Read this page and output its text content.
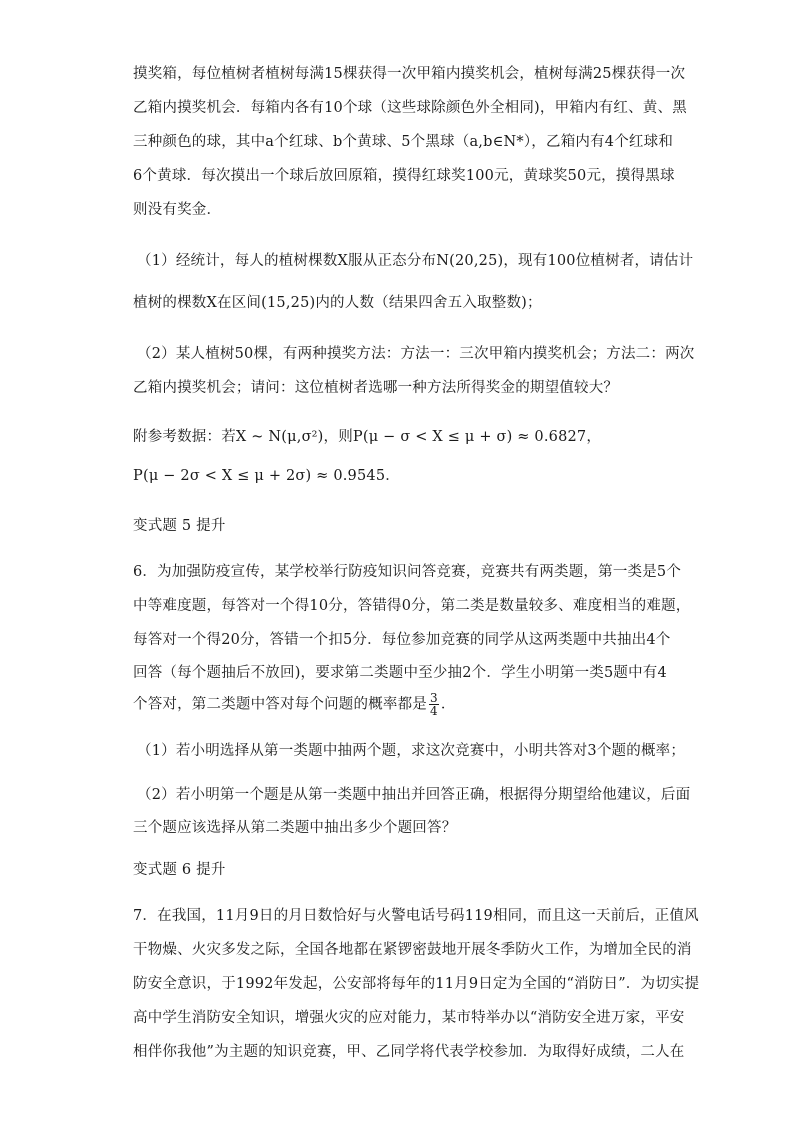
摸奖箱，每位植树者植树每满15棵获得一次甲箱内摸奖机会，植树每满25棵获得一次
乙箱内摸奖机会．每箱内各有10个球（这些球除颜色外全相同)，甲箱内有红、黄、黑
三种颜色的球，其中a个红球、b个黄球、5个黑球（a,b∈N*），乙箱内有4个红球和
6个黄球．每次摸出一个球后放回原箱，摸得红球奖100元，黄球奖50元，摸得黑球
则没有奖金．
（1）经统计，每人的植树棵数X服从正态分布N(20,25)，现有100位植树者，请估计
植树的棵数X在区间(15,25)内的人数（结果四舍五入取整数)；
（2）某人植树50棵，有两种摸奖方法：方法一：三次甲箱内摸奖机会；方法二：两次
乙箱内摸奖机会；请问：这位植树者选哪一种方法所得奖金的期望值较大？
附参考数据：若X ~ N(μ,σ²)，则P(μ − σ < X ≤ μ + σ) ≈ 0.6827，
P(μ − 2σ < X ≤ μ + 2σ) ≈ 0.9545．
变式题 5 提升
6．为加强防疫宣传，某学校举行防疫知识问答竞赛，竞赛共有两类题，第一类是5个
中等难度题，每答对一个得10分，答错得0分，第二类是数量较多、难度相当的难题，
每答对一个得20分，答错一个扣5分．每位参加竞赛的同学从这两类题中共抽出4个
回答（每个题抽后不放回)，要求第二类题中至少抽2个．学生小明第一类5题中有4
个答对，第二类题中答对每个问题的概率都是 $\frac{3}{4}$ ．
（1）若小明选择从第一类题中抽两个题，求这次竞赛中，小明共答对3个题的概率；
（2）若小明第一个题是从第一类题中抽出并回答正确，根据得分期望给他建议，后面
三个题应该选择从第二类题中抽出多少个题回答？
变式题 6 提升
7．在我国，11月9日的月日数恰好与火警电话号码119相同，而且这一天前后，正值风
干物燥、火灾多发之际，全国各地都在紧锣密鼓地开展冬季防火工作，为增加全民的消
防安全意识，于1992年发起，公安部将每年的11月9日定为全国的“消防日”．为切实提
高中学生消防安全知识，增强火灾的应对能力，某市特举办以“消防安全进万家，平安
相伴你我他”为主题的知识竞赛，甲、乙同学将代表学校参加．为取得好成绩，二人在
